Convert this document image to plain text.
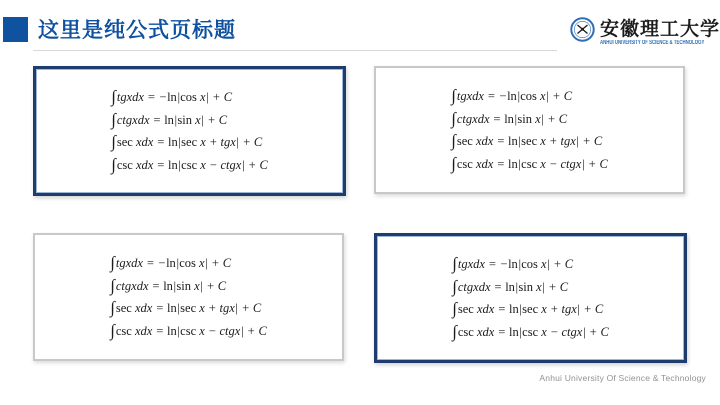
这里是纯公式页标题	安徽理工大学
ANHUI UNIVERSITY OF SCIENCE & TECHNOLOGY
∫tgxdx = −ln|cos x| + C
∫ctgxdx = ln|sin x| + C
∫sec xdx = ln|sec x + tgx| + C
∫csc xdx = ln|csc x − ctgx| + C
∫tgxdx = −ln|cos x| + C
∫ctgxdx = ln|sin x| + C
∫sec xdx = ln|sec x + tgx| + C
∫csc xdx = ln|csc x − ctgx| + C
∫tgxdx = −ln|cos x| + C
∫ctgxdx = ln|sin x| + C
∫sec xdx = ln|sec x + tgx| + C
∫csc xdx = ln|csc x − ctgx| + C
∫tgxdx = −ln|cos x| + C
∫ctgxdx = ln|sin x| + C
∫sec xdx = ln|sec x + tgx| + C
∫csc xdx = ln|csc x − ctgx| + C
Anhui University Of Science & Technology
